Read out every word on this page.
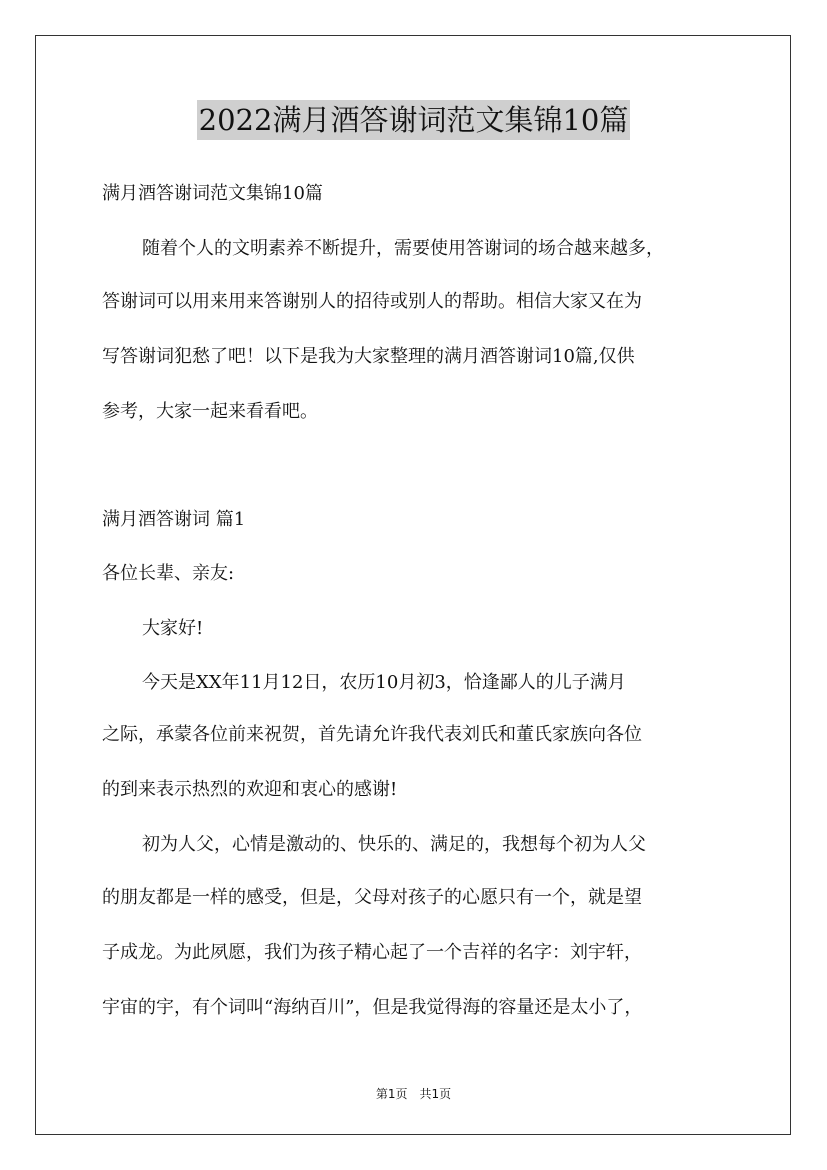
2022满月酒答谢词范文集锦10篇
满月酒答谢词范文集锦10篇
随着个人的文明素养不断提升，需要使用答谢词的场合越来越多，
答谢词可以用来用来答谢别人的招待或别人的帮助。相信大家又在为
写答谢词犯愁了吧！以下是我为大家整理的满月酒答谢词10篇,仅供
参考，大家一起来看看吧。
满月酒答谢词 篇1
各位长辈、亲友:
大家好!
今天是XX年11月12日，农历10月初3，恰逢鄙人的儿子满月
之际，承蒙各位前来祝贺，首先请允许我代表刘氏和董氏家族向各位
的到来表示热烈的欢迎和衷心的感谢!
初为人父，心情是激动的、快乐的、满足的，我想每个初为人父
的朋友都是一样的感受，但是，父母对孩子的心愿只有一个，就是望
子成龙。为此夙愿，我们为孩子精心起了一个吉祥的名字：刘宇轩，
宇宙的宇，有个词叫“海纳百川”，但是我觉得海的容量还是太小了，
第1页　共1页
